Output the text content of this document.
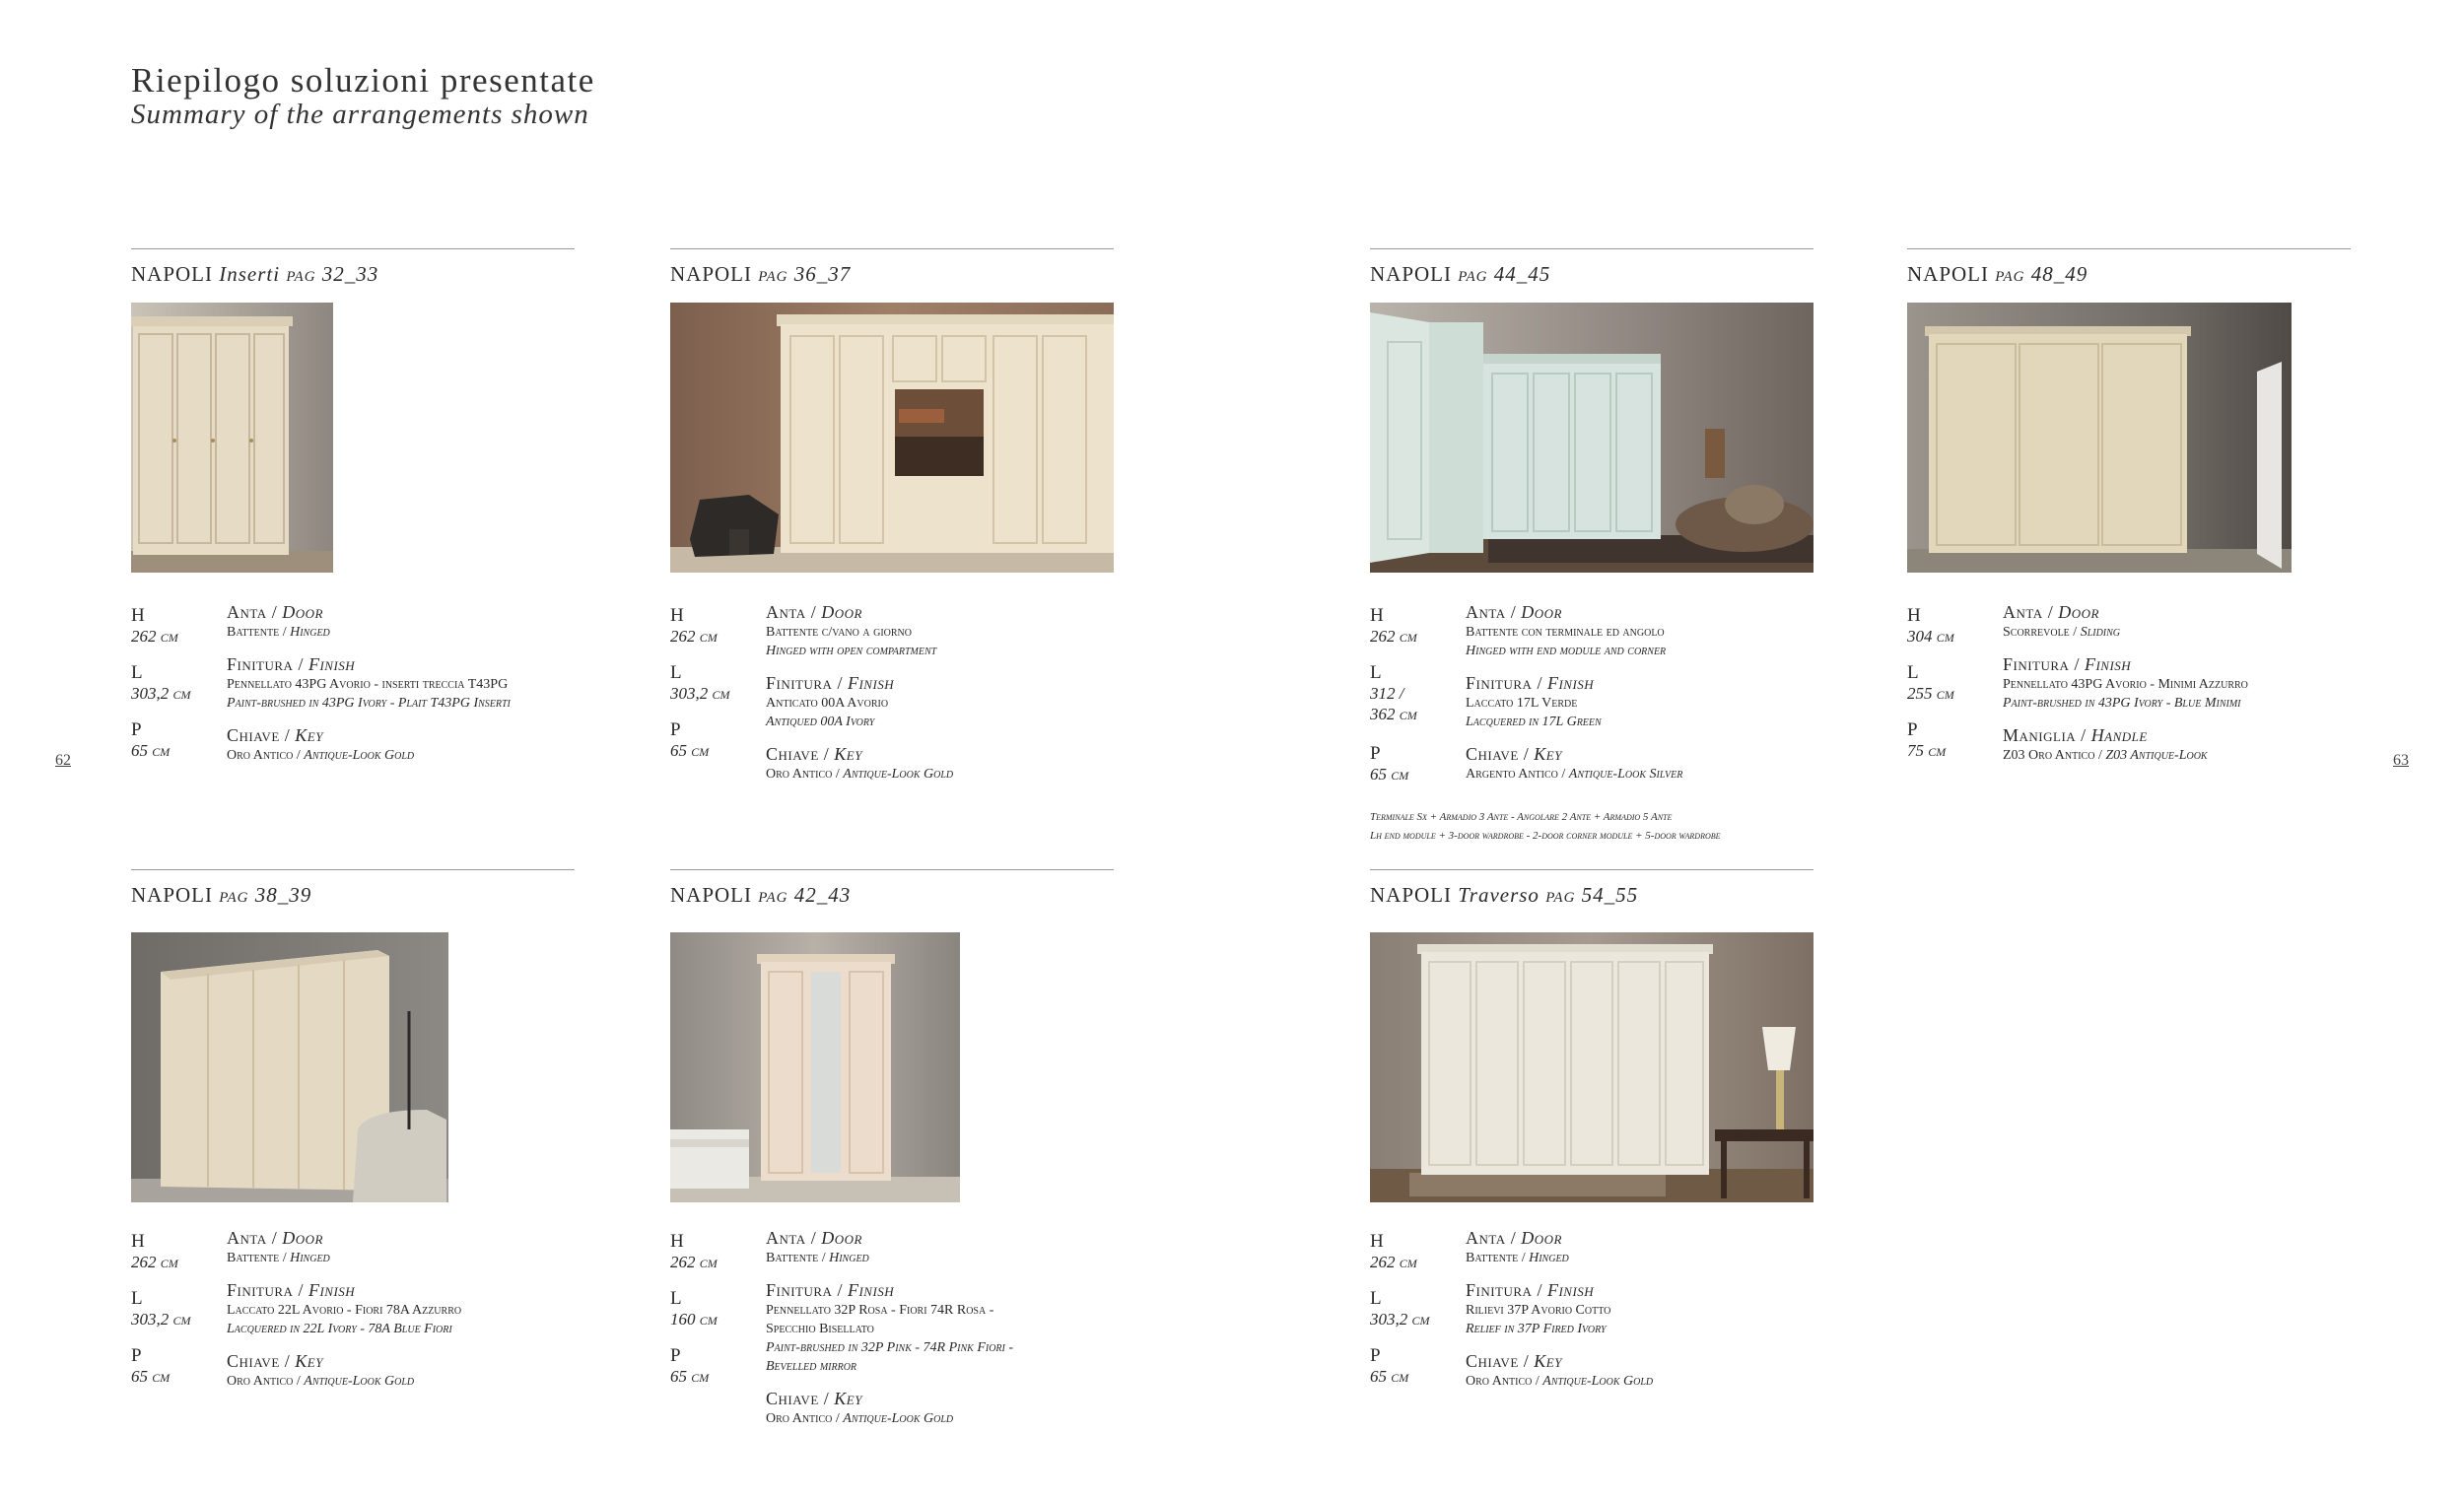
Riepilogo soluzioni presentate
Summary of the arrangements shown
62	63
NAPOLI Inserti pag 32_33
H
262 cm
L
303,2 cm
P
65 cm
Anta / Door
Battente / Hinged
Finitura / Finish
Pennellato 43PG Avorio - inserti treccia T43PG
Paint-brushed in 43PG Ivory - Plait T43PG Inserti
Chiave / Key
Oro Antico / Antique-Look Gold
NAPOLI pag 36_37
H
262 cm
L
303,2 cm
P
65 cm
Anta / Door
Battente c/vano a giorno
Hinged with open compartment
Finitura / Finish
Anticato 00A Avorio
Antiqued 00A Ivory
Chiave / Key
Oro Antico / Antique-Look Gold
NAPOLI pag 44_45
H
262 cm
L
312 /
362 cm
P
65 cm
Anta / Door
Battente con terminale ed angolo
Hinged with end module and corner
Finitura / Finish
Laccato 17L Verde
Lacquered in 17L Green
Chiave / Key
Argento Antico / Antique-Look Silver
Terminale Sx + Armadio 3 Ante - Angolare 2 Ante + Armadio 5 Ante
Lh end module + 3-door wardrobe - 2-door corner module + 5-door wardrobe
NAPOLI pag 48_49
H
304 cm
L
255 cm
P
75 cm
Anta / Door
Scorrevole / Sliding
Finitura / Finish
Pennellato 43PG Avorio - Minimi Azzurro
Paint-brushed in 43PG Ivory - Blue Minimi
Maniglia / Handle
Z03 Oro Antico / Z03 Antique-Look
NAPOLI pag 38_39
H
262 cm
L
303,2 cm
P
65 cm
Anta / Door
Battente / Hinged
Finitura / Finish
Laccato 22L Avorio - Fiori 78A Azzurro
Lacquered in 22L Ivory - 78A Blue Fiori
Chiave / Key
Oro Antico / Antique-Look Gold
NAPOLI pag 42_43
H
262 cm
L
160 cm
P
65 cm
Anta / Door
Battente / Hinged
Finitura / Finish
Pennellato 32P Rosa - Fiori 74R Rosa -
Specchio Bisellato
Paint-brushed in 32P Pink - 74R Pink Fiori -
Bevelled mirror
Chiave / Key
Oro Antico / Antique-Look Gold
NAPOLI Traverso pag 54_55
H
262 cm
L
303,2 cm
P
65 cm
Anta / Door
Battente / Hinged
Finitura / Finish
Rilievi 37P Avorio Cotto
Relief in 37P Fired Ivory
Chiave / Key
Oro Antico / Antique-Look Gold
